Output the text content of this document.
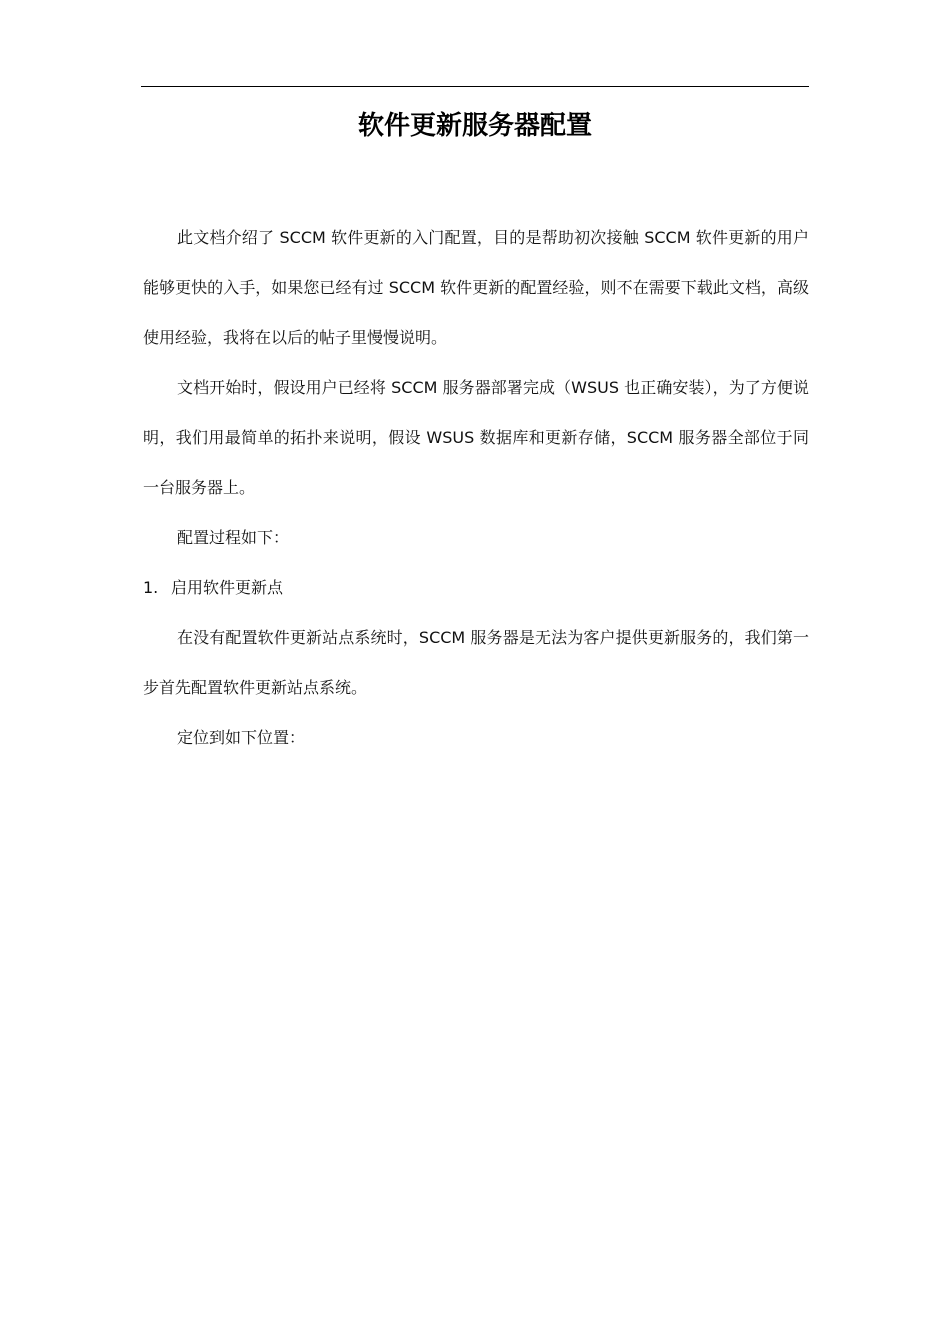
软件更新服务器配置

此文档介绍了 SCCM 软件更新的入门配置，目的是帮助初次接触 SCCM 软件更新的用户能够更快的入手，如果您已经有过 SCCM 软件更新的配置经验，则不在需要下载此文档，高级使用经验，我将在以后的帖子里慢慢说明。

文档开始时，假设用户已经将 SCCM 服务器部署完成（WSUS 也正确安装），为了方便说明，我们用最简单的拓扑来说明，假设 WSUS 数据库和更新存储，SCCM 服务器全部位于同一台服务器上。

配置过程如下：

1. 启用软件更新点

在没有配置软件更新站点系统时，SCCM 服务器是无法为客户提供更新服务的，我们第一步首先配置软件更新站点系统。

定位到如下位置：
